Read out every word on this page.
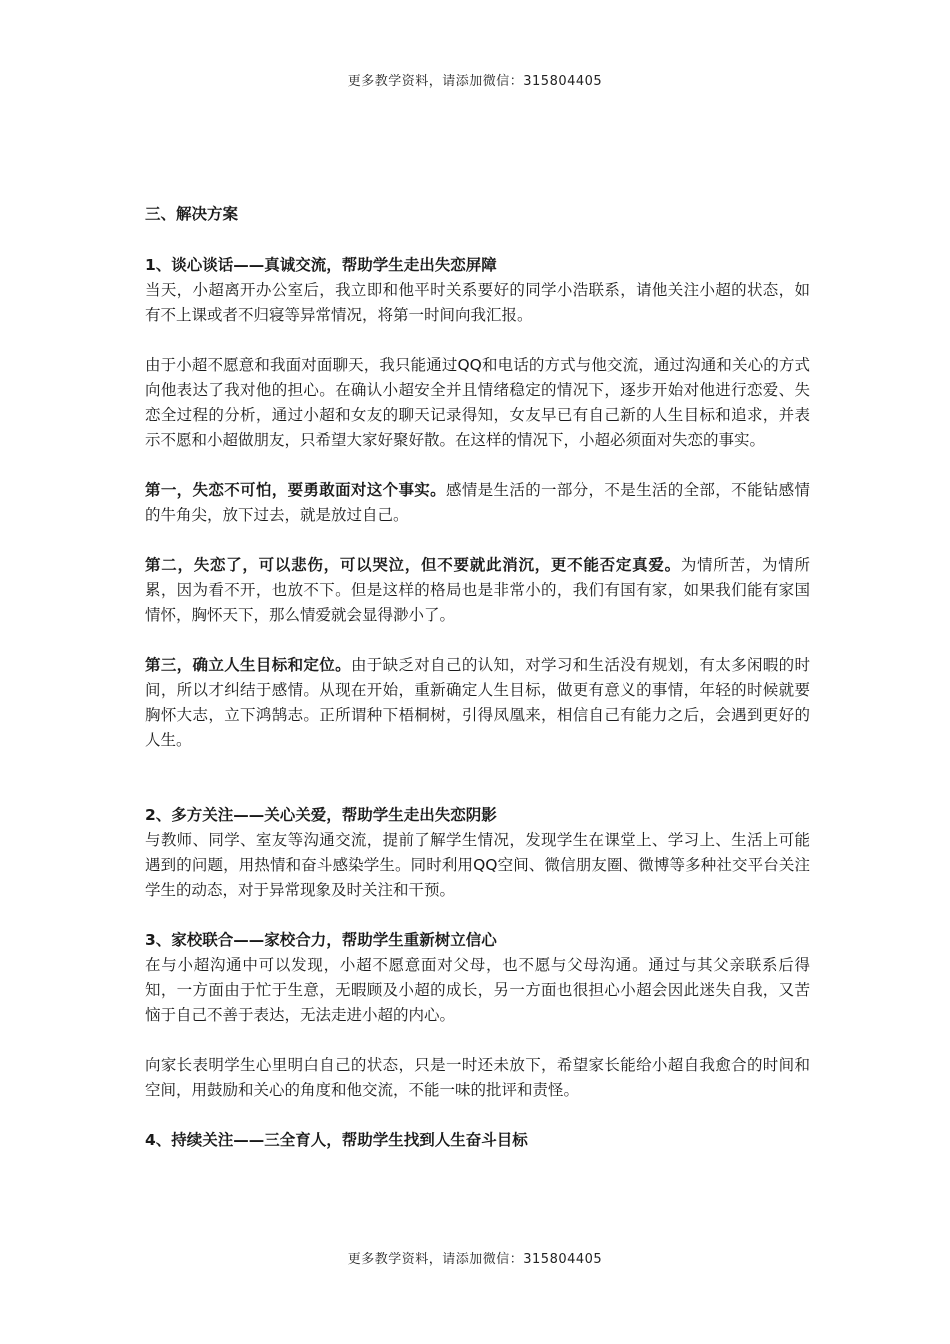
更多教学资料，请添加微信：315804405

三、解决方案

1、谈心谈话——真诚交流，帮助学生走出失恋屏障

当天，小超离开办公室后，我立即和他平时关系要好的同学小浩联系，请他关注小超的状态，如有不上课或者不归寝等异常情况，将第一时间向我汇报。

由于小超不愿意和我面对面聊天，我只能通过QQ和电话的方式与他交流，通过沟通和关心的方式向他表达了我对他的担心。在确认小超安全并且情绪稳定的情况下，逐步开始对他进行恋爱、失恋全过程的分析，通过小超和女友的聊天记录得知，女友早已有自己新的人生目标和追求，并表示不愿和小超做朋友，只希望大家好聚好散。在这样的情况下，小超必须面对失恋的事实。

第一，失恋不可怕，要勇敢面对这个事实。感情是生活的一部分，不是生活的全部，不能钻感情的牛角尖，放下过去，就是放过自己。

第二，失恋了，可以悲伤，可以哭泣，但不要就此消沉，更不能否定真爱。为情所苦，为情所累，因为看不开，也放不下。但是这样的格局也是非常小的，我们有国有家，如果我们能有家国情怀，胸怀天下，那么情爱就会显得渺小了。

第三，确立人生目标和定位。由于缺乏对自己的认知，对学习和生活没有规划，有太多闲暇的时间，所以才纠结于感情。从现在开始，重新确定人生目标，做更有意义的事情，年轻的时候就要胸怀大志，立下鸿鹄志。正所谓种下梧桐树，引得凤凰来，相信自己有能力之后，会遇到更好的人生。

2、多方关注——关心关爱，帮助学生走出失恋阴影

与教师、同学、室友等沟通交流，提前了解学生情况，发现学生在课堂上、学习上、生活上可能遇到的问题，用热情和奋斗感染学生。同时利用QQ空间、微信朋友圈、微博等多种社交平台关注学生的动态，对于异常现象及时关注和干预。

3、家校联合——家校合力，帮助学生重新树立信心

在与小超沟通中可以发现，小超不愿意面对父母，也不愿与父母沟通。通过与其父亲联系后得知，一方面由于忙于生意，无暇顾及小超的成长，另一方面也很担心小超会因此迷失自我，又苦恼于自己不善于表达，无法走进小超的内心。

向家长表明学生心里明白自己的状态，只是一时还未放下，希望家长能给小超自我愈合的时间和空间，用鼓励和关心的角度和他交流，不能一味的批评和责怪。

4、持续关注——三全育人，帮助学生找到人生奋斗目标

更多教学资料，请添加微信：315804405
